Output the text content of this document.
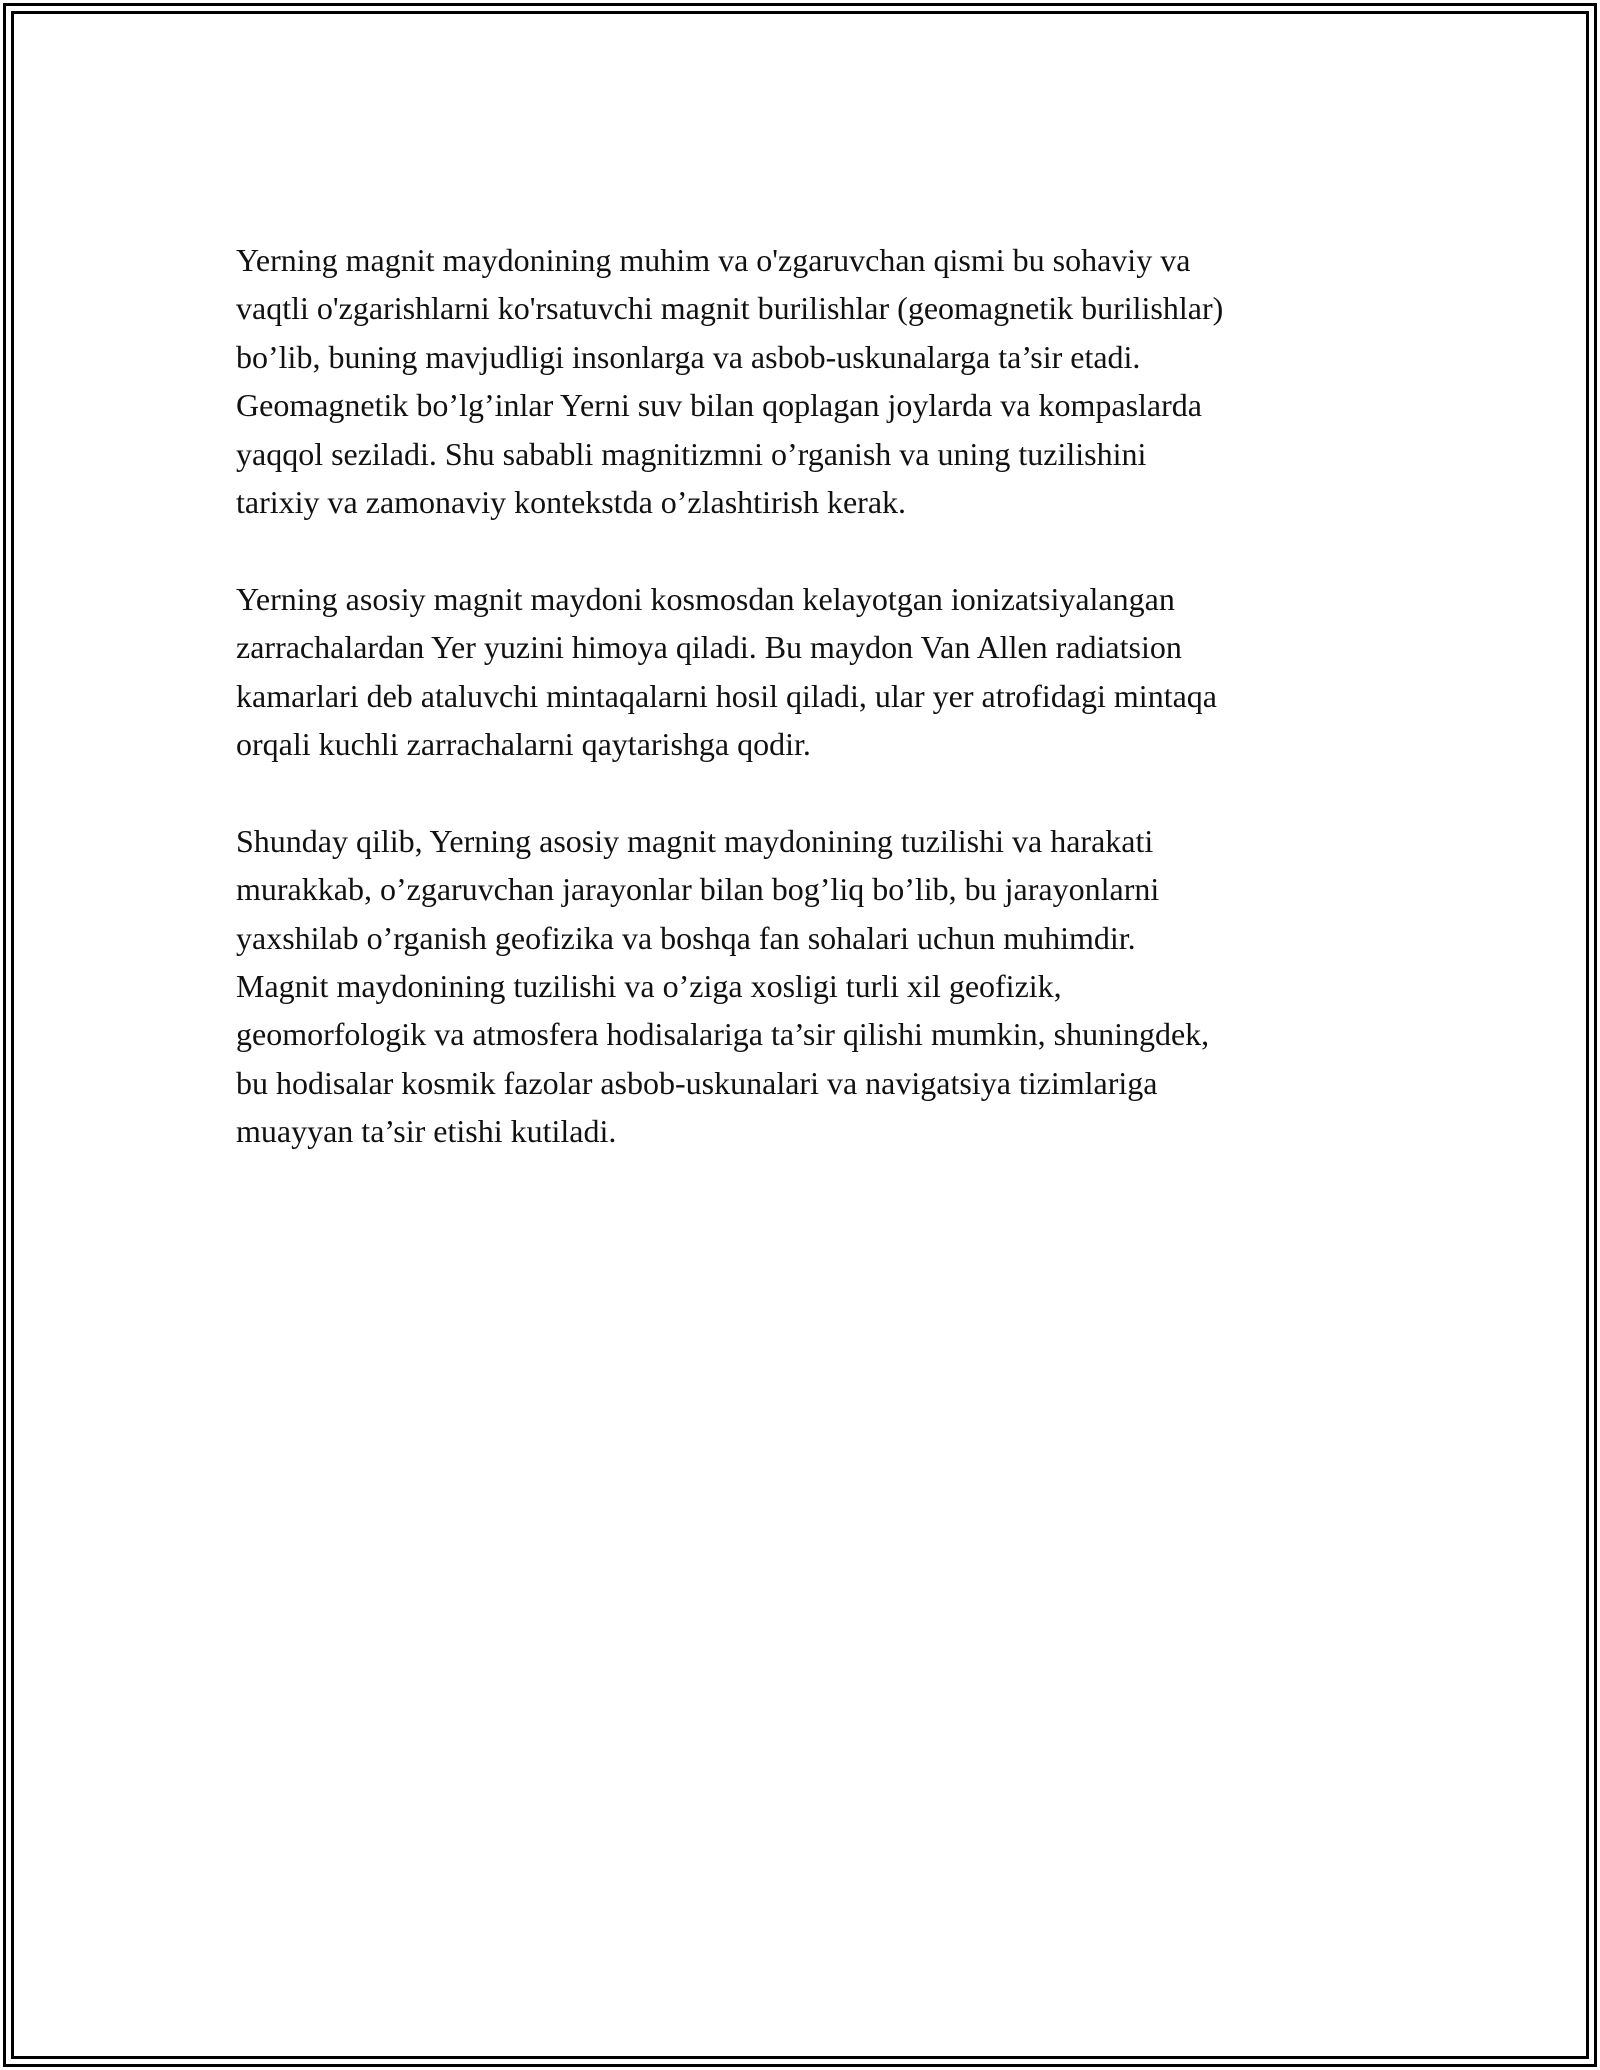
Yerning magnit maydonining muhim va o'zgaruvchan qismi bu sohaviy va
vaqtli o'zgarishlarni ko'rsatuvchi magnit burilishlar (geomagnetik burilishlar)
bo’lib, buning mavjudligi insonlarga va asbob-uskunalarga ta’sir etadi.
Geomagnetik bo’lg’inlar Yerni suv bilan qoplagan joylarda va kompaslarda
yaqqol seziladi. Shu sababli magnitizmni o’rganish va uning tuzilishini
tarixiy va zamonaviy kontekstda o’zlashtirish kerak.

Yerning asosiy magnit maydoni kosmosdan kelayotgan ionizatsiyalangan
zarrachalardan Yer yuzini himoya qiladi. Bu maydon Van Allen radiatsion
kamarlari deb ataluvchi mintaqalarni hosil qiladi, ular yer atrofidagi mintaqa
orqali kuchli zarrachalarni qaytarishga qodir.

Shunday qilib, Yerning asosiy magnit maydonining tuzilishi va harakati
murakkab, o’zgaruvchan jarayonlar bilan bog’liq bo’lib, bu jarayonlarni
yaxshilab o’rganish geofizika va boshqa fan sohalari uchun muhimdir.
Magnit maydonining tuzilishi va o’ziga xosligi turli xil geofizik,
geomorfologik va atmosfera hodisalariga ta’sir qilishi mumkin, shuningdek,
bu hodisalar kosmik fazolar asbob-uskunalari va navigatsiya tizimlariga
muayyan ta’sir etishi kutiladi.
